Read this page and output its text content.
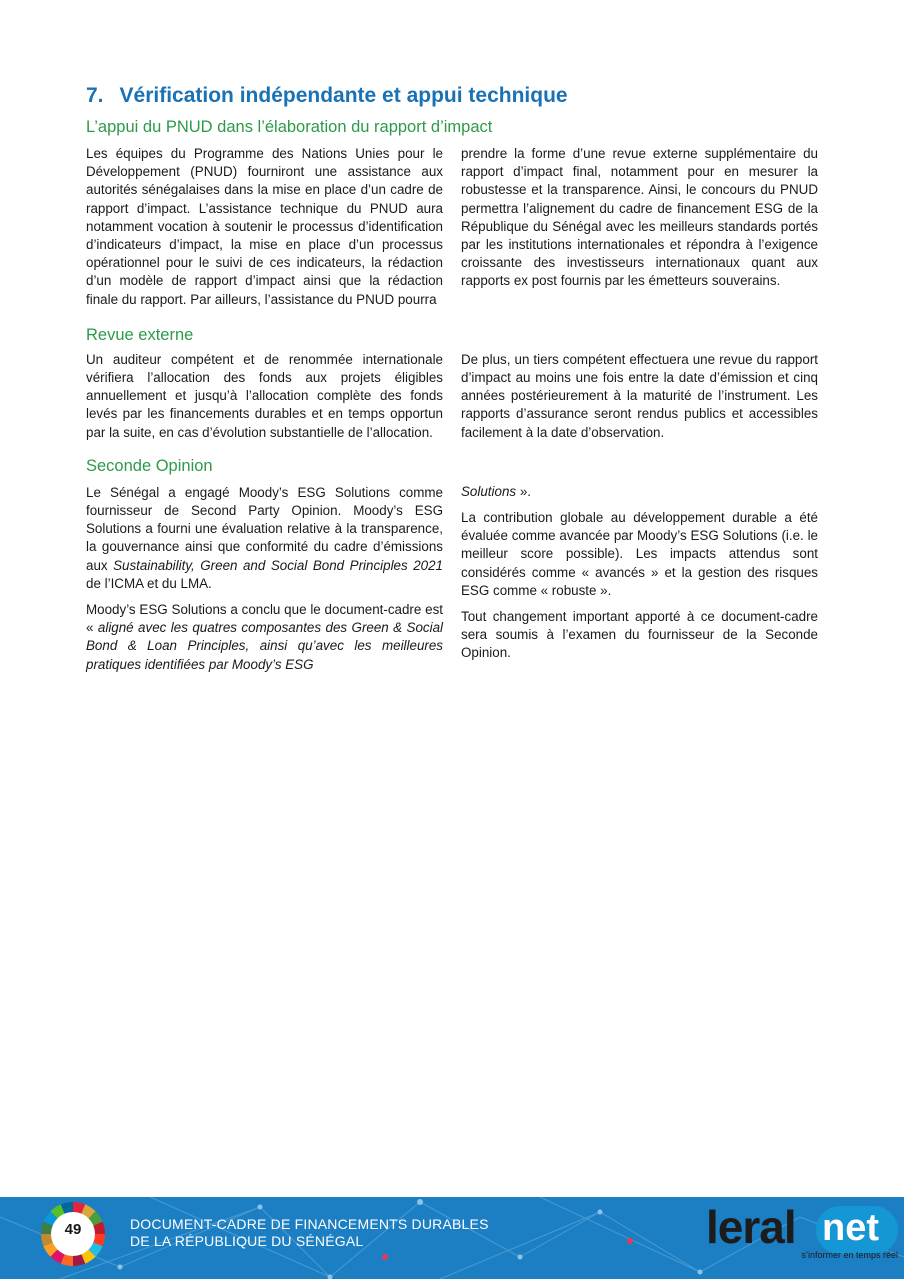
7. Vérification indépendante et appui technique
L’appui du PNUD dans l’élaboration du rapport d’impact

Les équipes du Programme des Nations Unies pour le Développement (PNUD) fourniront une assistance aux autorités sénégalaises dans la mise en place d’un cadre de rapport d’impact. L’assistance technique du PNUD aura notamment vocation à soutenir le processus d’identification d’indicateurs d’impact, la mise en place d’un processus opérationnel pour le suivi de ces indicateurs, la rédaction d’un modèle de rapport d’impact ainsi que la rédaction finale du rapport. Par ailleurs, l’assistance du PNUD pourra

prendre la forme d’une revue externe supplémentaire du rapport d’impact final, notamment pour en mesurer la robustesse et la transparence. Ainsi, le concours du PNUD permettra l’alignement du cadre de financement ESG de la République du Sénégal avec les meilleurs standards portés par les institutions internationales et répondra à l’exigence croissante des investisseurs internationaux quant aux rapports ex post fournis par les émetteurs souverains.

Revue externe

Un auditeur compétent et de renommée internationale vérifiera l’allocation des fonds aux projets éligibles annuellement et jusqu’à l’allocation complète des fonds levés par les financements durables et en temps opportun par la suite, en cas d’évolution substantielle de l’allocation.

De plus, un tiers compétent effectuera une revue du rapport d’impact au moins une fois entre la date d’émission et cinq années postérieurement à la maturité de l’instrument. Les rapports d’assurance seront rendus publics et accessibles facilement à la date d’observation.

Seconde Opinion

Le Sénégal a engagé Moody’s ESG Solutions comme fournisseur de Second Party Opinion. Moody’s ESG Solutions a fourni une évaluation relative à la transparence, la gouvernance ainsi que conformité du cadre d’émissions aux Sustainability, Green and Social Bond Principles 2021 de l’ICMA et du LMA.

Moody’s ESG Solutions a conclu que le document-cadre est « aligné avec les quatres composantes des Green & Social Bond & Loan Principles, ainsi qu’avec les meilleures pratiques identifiées par Moody’s ESG

Solutions ».

La contribution globale au développement durable a été évaluée comme avancée par Moody’s ESG Solutions (i.e. le meilleur score possible). Les impacts attendus sont considérés comme « avancés » et la gestion des risques ESG comme « robuste ».

Tout changement important apporté à ce document-cadre sera soumis à l’examen du fournisseur de la Seconde Opinion.

49	DOCUMENT-CADRE DE FINANCEMENTS DURABLES
DE LA RÉPUBLIQUE DU SÉNÉGAL	leral net
s’informer en temps réel
